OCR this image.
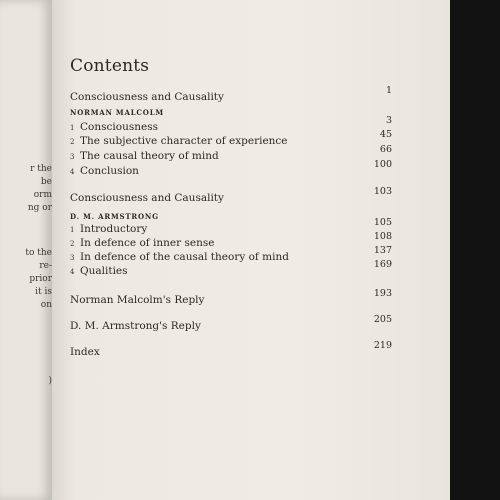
r the
be
orm
ng or
to the
re-
prior
it is
on
)
Contents
Consciousness and Causality
1
NORMAN MALCOLM
1 Consciousness
3
2 The subjective character of experience
45
3 The causal theory of mind
66
4 Conclusion
100
Consciousness and Causality
103
D. M. ARMSTRONG
1 Introductory
105
2 In defence of inner sense
108
3 In defence of the causal theory of mind
137
4 Qualities
169
Norman Malcolm's Reply
193
D. M. Armstrong's Reply
205
Index
219
